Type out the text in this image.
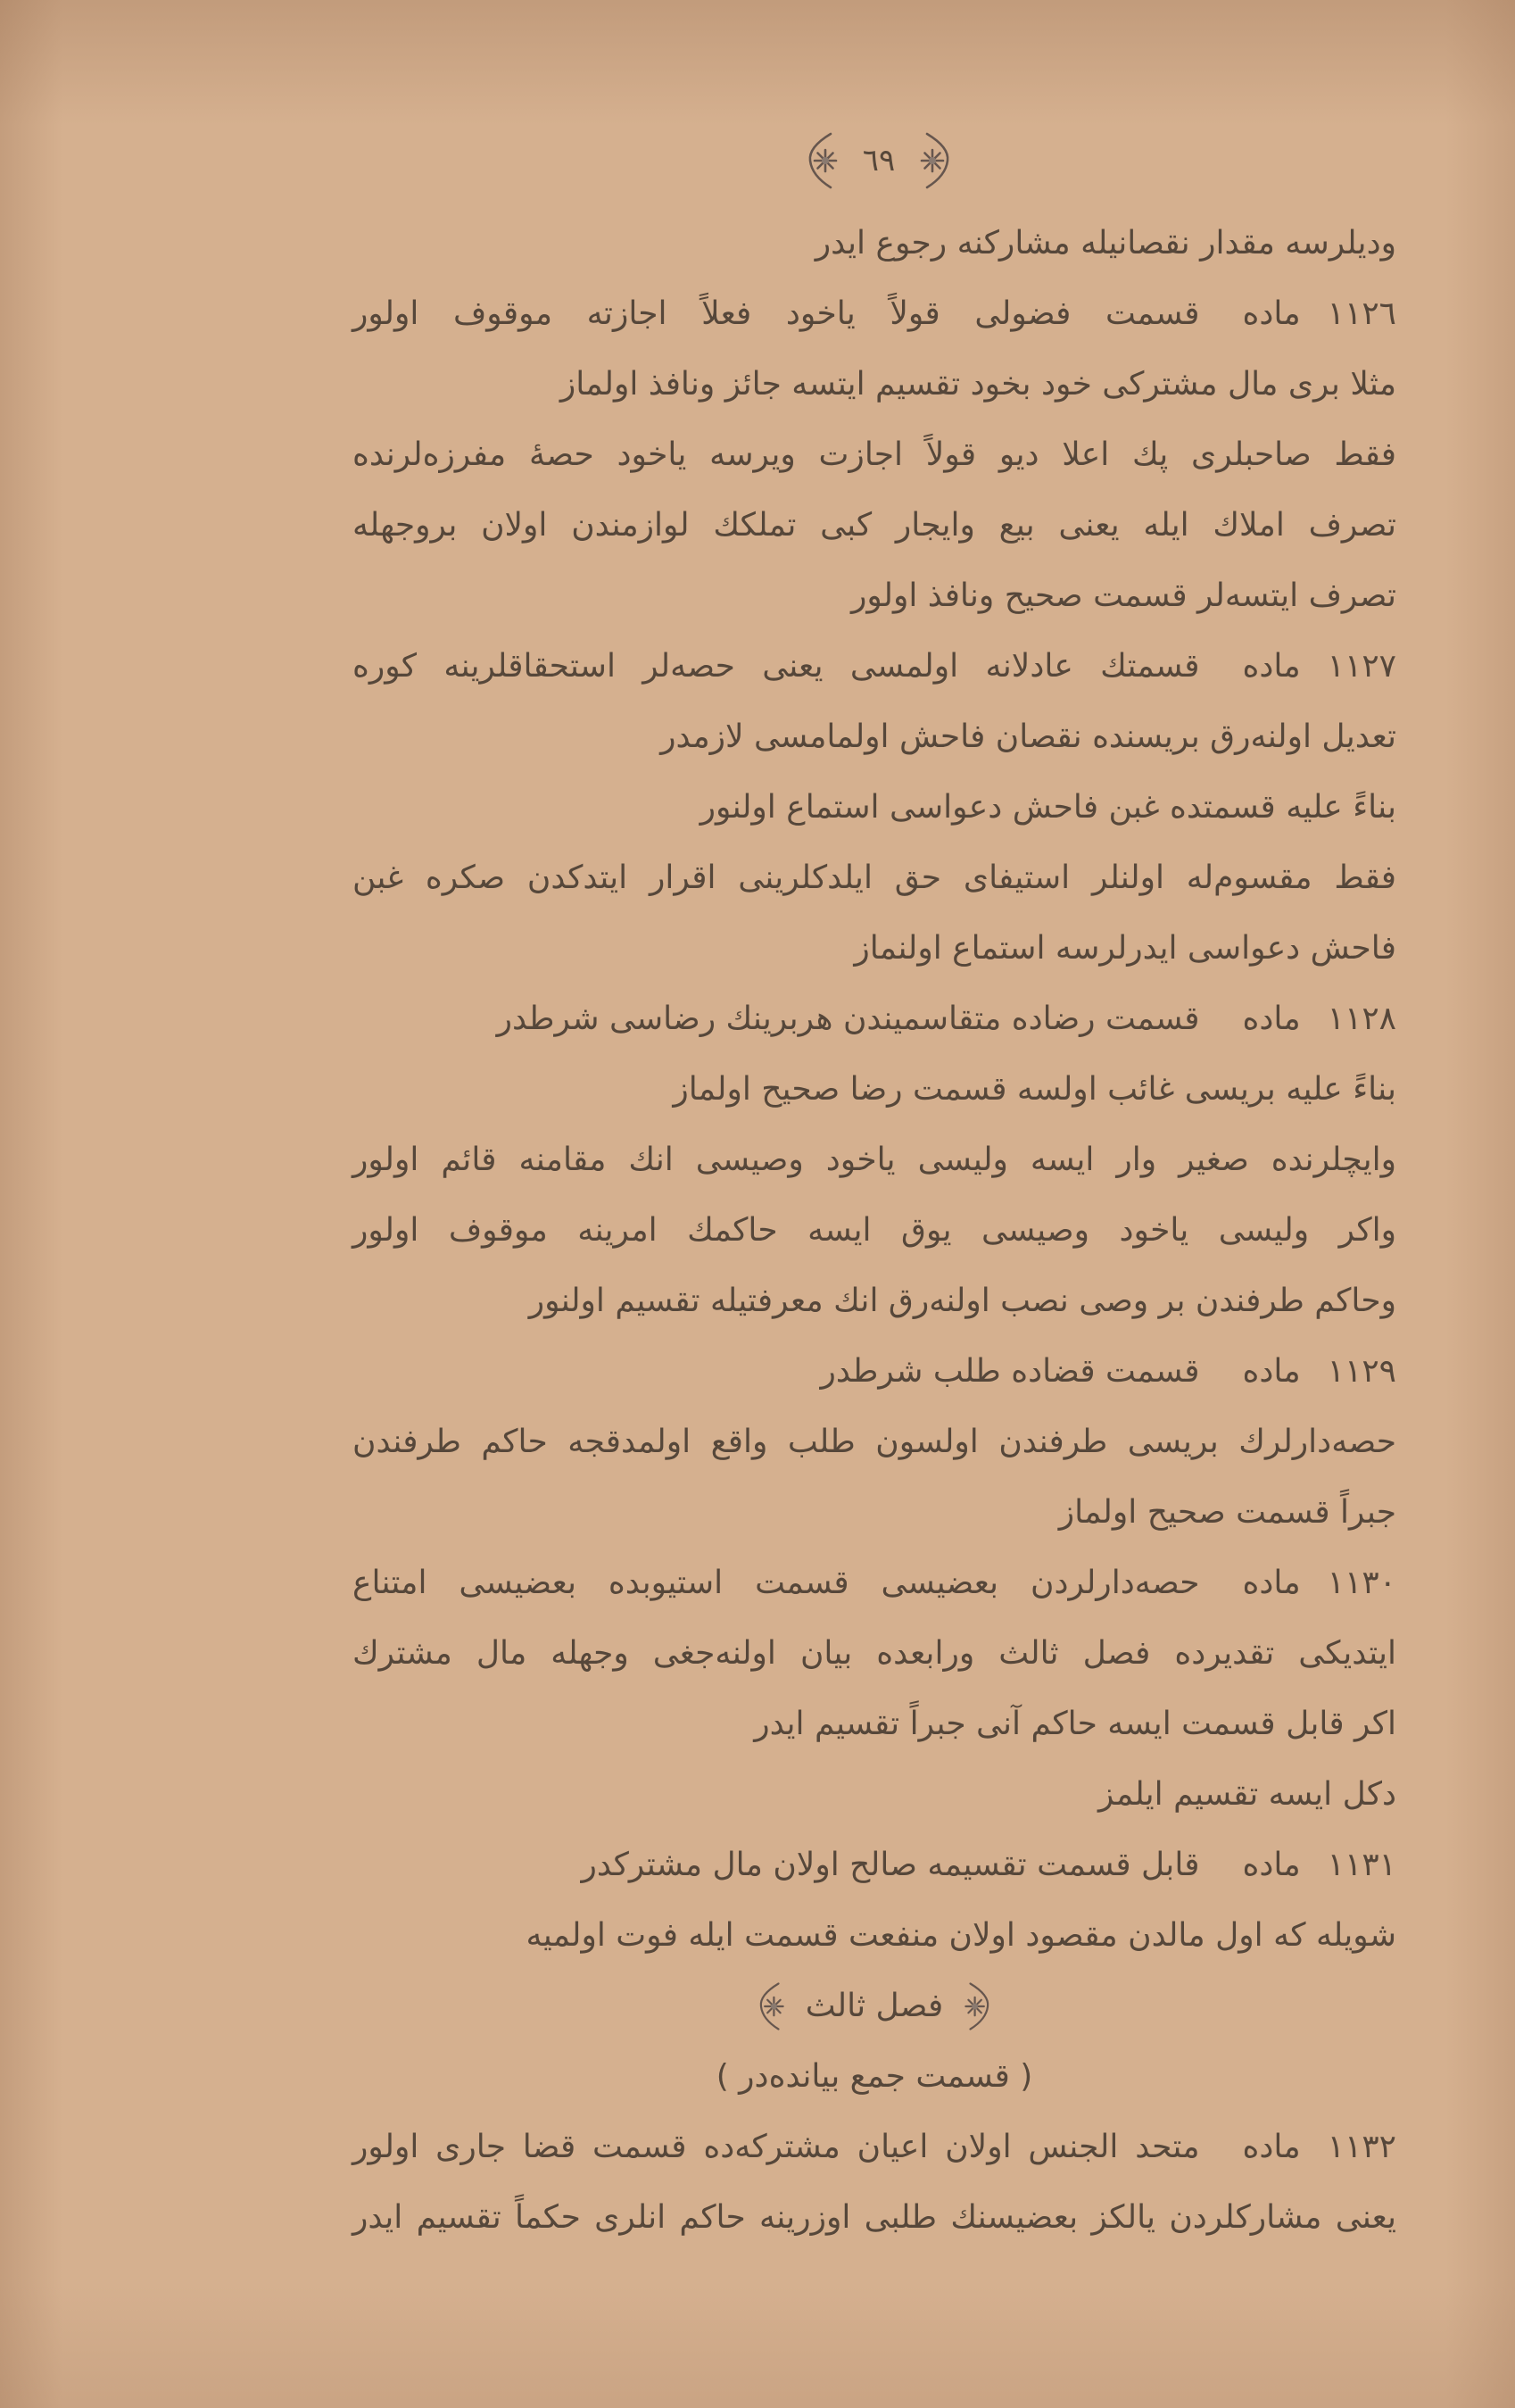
٦٩
ودیلرسه مقدار نقصانیله مشارکنه رجوع ایدر
١١٢٦
ماده
قسمت فضولی قولاً یاخود فعلاً اجازته موقوف اولور
مثلا بری مال مشترکی خود بخود تقسیم ایتسه جائز ونافذ اولماز
فقط صاحبلری پك اعلا دیو قولاً اجازت ویرسه یاخود حصهٔ مفرزه‌لرنده
تصرف املاك ایله یعنی بیع وایجار کبی تملکك لوازمندن اولان بروجهله
تصرف ایتسه‌لر قسمت صحیح ونافذ اولور
١١٢٧
ماده
قسمتك عادلانه اولمسی یعنی حصه‌لر استحقاقلرینه کوره
تعدیل اولنه‌رق بریسنده نقصان فاحش اولمامسی لازمدر
بناءً علیه قسمتده غبن فاحش دعواسی استماع اولنور
فقط مقسوم‌له اولنلر استیفای حق ایلدکلرینی اقرار ایتدکدن صکره غبن
فاحش دعواسی ایدرلرسه استماع اولنماز
١١٢٨
ماده
قسمت رضاده متقاسمیندن هربرینك رضاسی شرطدر
بناءً علیه بریسی غائب اولسه قسمت رضا صحیح اولماز
وایچلرنده صغیر وار ایسه ولیسی یاخود وصیسی انك مقامنه قائم اولور
واکر ولیسی یاخود وصیسی یوق ایسه حاکمك امرینه موقوف اولور
وحاکم طرفندن بر وصی نصب اولنه‌رق انك معرفتیله تقسیم اولنور
١١٢٩
ماده
قسمت قضاده طلب شرطدر
حصه‌دارلرك بریسی طرفندن اولسون طلب واقع اولمدقجه حاکم طرفندن
جبراً قسمت صحیح اولماز
١١٣٠
ماده
حصه‌دارلردن بعضیسی قسمت استیوبده بعضیسی امتناع
ایتدیکی تقدیرده فصل ثالث ورابعده بیان اولنه‌جغی وجهله مال مشترك
اکر قابل قسمت ایسه حاکم آنی جبراً تقسیم ایدر
دکل ایسه تقسیم ایلمز
١١٣١
ماده
قابل قسمت تقسیمه صالح اولان مال مشترکدر
شویله که اول مالدن مقصود اولان منفعت قسمت ایله فوت اولمیه
فصل ثالث
( قسمت جمع بیانده‌در )
١١٣٢
ماده
متحد الجنس اولان اعیان مشترکه‌ده قسمت قضا جاری اولور
یعنی مشارکلردن یالکز بعضیسنك طلبی اوزرینه حاکم انلری حکماً تقسیم ایدر
